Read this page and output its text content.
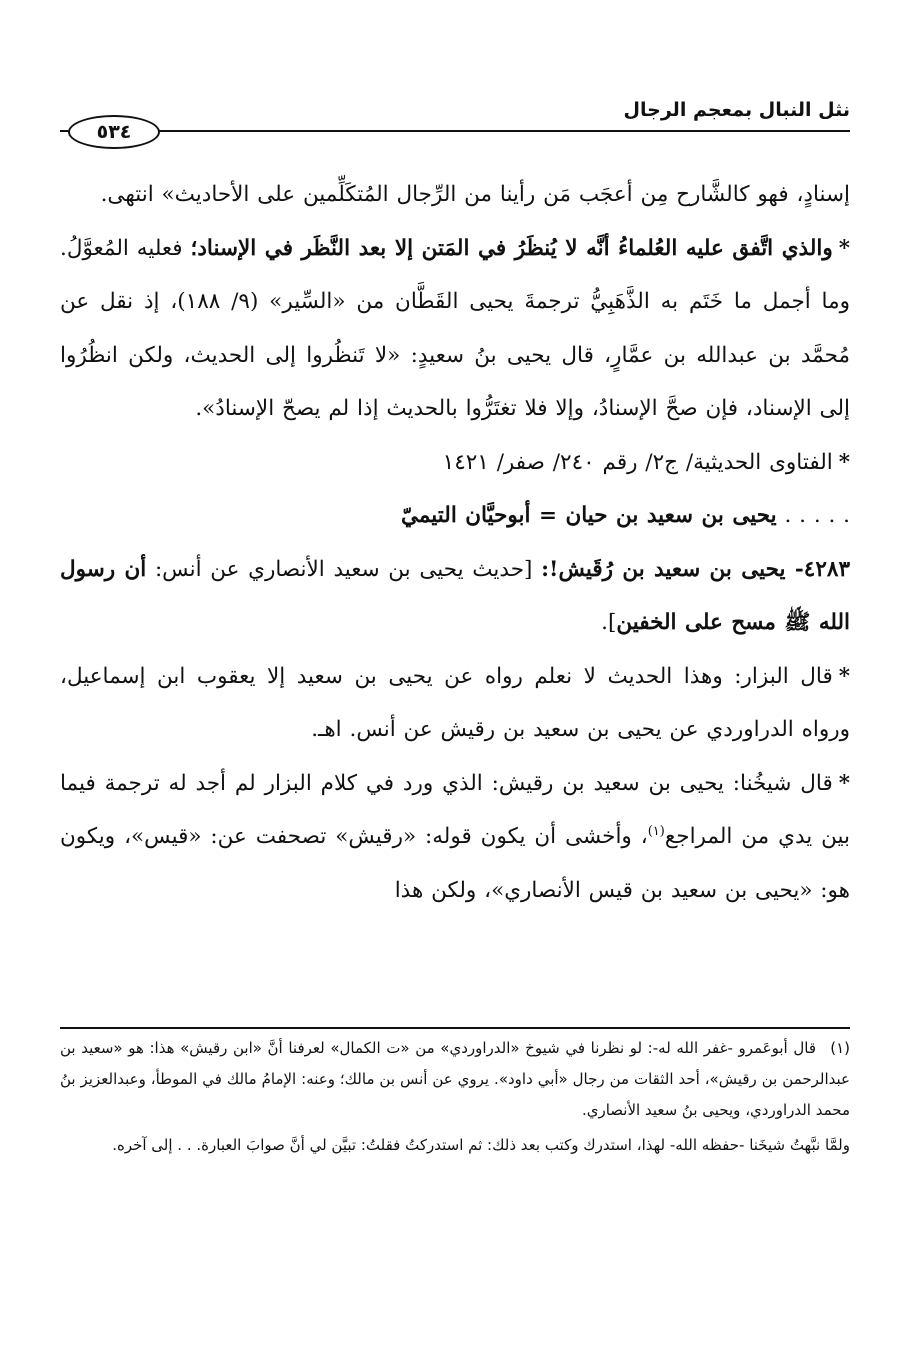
نثل النبال بمعجم الرجال
٥٣٤

إسنادٍ، فهو كالشَّارح مِن أعجَب مَن رأينا من الرِّجال المُتكَلِّمين على الأحاديث» انتهى.

*والذي اتَّفق عليه العُلماءُ أنَّه لا يُنظَرُ في المَتن إلا بعد النَّظَر في الإسناد؛ فعليه المُعوَّلُ. وما أجمل ما خَتَم به الذَّهَبِيُّ ترجمةَ يحيى القَطَّان من «السِّير» (٩/ ١٨٨)، إذ نقل عن مُحمَّد بن عبدالله بن عمَّارٍ، قال يحيى بنُ سعيدٍ: «لا تَنظُروا إلى الحديث، ولكن انظُرُوا إلى الإسناد، فإن صحَّ الإسنادُ، وإلا فلا تغتَرُّوا بالحديث إذا لم يصحّ الإسنادُ».

*الفتاوى الحديثية/ ج٢/ رقم ٢٤٠/ صفر/ ١٤٢١

. . . . . يحيى بن سعيد بن حيان = أبوحيَّان التيميّ

٤٢٨٣- يحيى بن سعيد بن رُقَيش!: [حديث يحيى بن سعيد الأنصاري عن أنس: أن رسول الله ﷺ مسح على الخفين].

*قال البزار: وهذا الحديث لا نعلم رواه عن يحيى بن سعيد إلا يعقوب ابن إسماعيل، ورواه الدراوردي عن يحيى بن سعيد بن رقيش عن أنس. اهـ.

*قال شيخُنا: يحيى بن سعيد بن رقيش: الذي ورد في كلام البزار لم أجد له ترجمة فيما بين يدي من المراجع$^{(١)}$، وأخشى أن يكون قوله: «رقيش» تصحفت عن: «قيس»، ويكون هو: «يحيى بن سعيد بن قيس الأنصاري»، ولكن هذا

(١)قال أبوعَمرو -غفر الله له-: لو نظرنا في شيوخ «الدراوردي» من «ت الكمال» لعرفنا أنَّ «ابن رقيش» هذا: هو «سعيد بن عبدالرحمن بن رقيش»، أحد الثقات من رجال «أبي داود». يروي عن أنس بن مالك؛ وعنه: الإمامُ مالك في الموطأ، وعبدالعزيز بنُ محمد الدراوردي، ويحيى بنُ سعيد الأنصاري.

ولمَّا نبَّهتُ شيخَنا -حفظه الله- لهذا، استدرك وكتب بعد ذلك: ثم استدركتُ فقلتُ: تبيَّن لي أنَّ صوابَ العبارة. . . إلى آخره.
